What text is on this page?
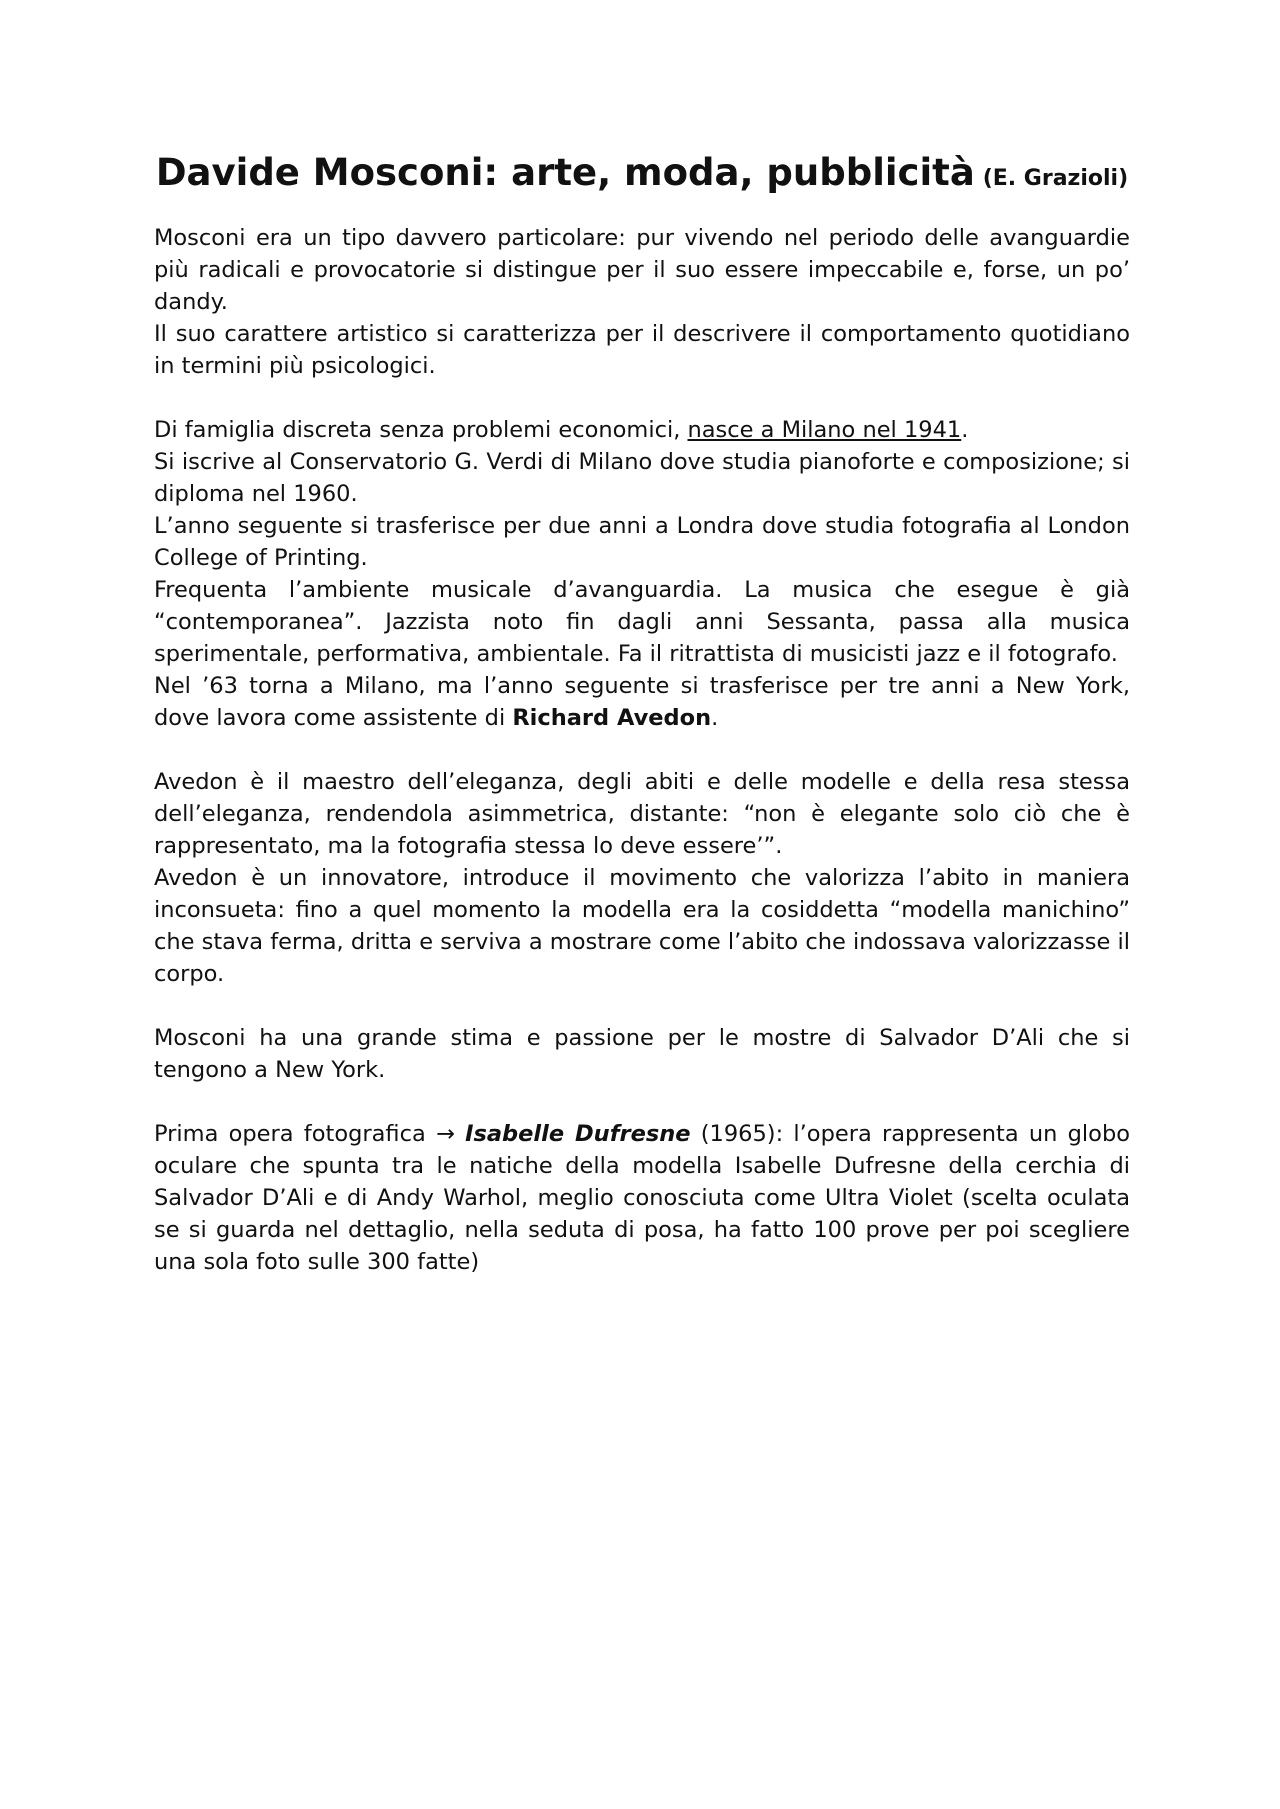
Davide Mosconi: arte, moda, pubblicità (E. Grazioli)

Mosconi era un tipo davvero particolare: pur vivendo nel periodo delle avanguardie più radicali e provocatorie si distingue per il suo essere impeccabile e, forse, un po’ dandy.

Il suo carattere artistico si caratterizza per il descrivere il comportamento quotidiano in termini più psicologici.

Di famiglia discreta senza problemi economici, nasce a Milano nel 1941.

Si iscrive al Conservatorio G. Verdi di Milano dove studia pianoforte e composizione; si diploma nel 1960.

L’anno seguente si trasferisce per due anni a Londra dove studia fotografia al London College of Printing.

Frequenta l’ambiente musicale d’avanguardia. La musica che esegue è già “contemporanea”. Jazzista noto fin dagli anni Sessanta, passa alla musica sperimentale, performativa, ambientale. Fa il ritrattista di musicisti jazz e il fotografo.

Nel ’63 torna a Milano, ma l’anno seguente si trasferisce per tre anni a New York, dove lavora come assistente di Richard Avedon.

Avedon è il maestro dell’eleganza, degli abiti e delle modelle e della resa stessa dell’eleganza, rendendola asimmetrica, distante: “non è elegante solo ciò che è rappresentato, ma la fotografia stessa lo deve essere’”.

Avedon è un innovatore, introduce il movimento che valorizza l’abito in maniera inconsueta: fino a quel momento la modella era la cosiddetta “modella manichino” che stava ferma, dritta e serviva a mostrare come l’abito che indossava valorizzasse il corpo.

Mosconi ha una grande stima e passione per le mostre di Salvador D’Ali che si tengono a New York.

Prima opera fotografica → Isabelle Dufresne (1965): l’opera rappresenta un globo oculare che spunta tra le natiche della modella Isabelle Dufresne della cerchia di Salvador D’Ali e di Andy Warhol, meglio conosciuta come Ultra Violet (scelta oculata se si guarda nel dettaglio, nella seduta di posa, ha fatto 100 prove per poi scegliere una sola foto sulle 300 fatte)
